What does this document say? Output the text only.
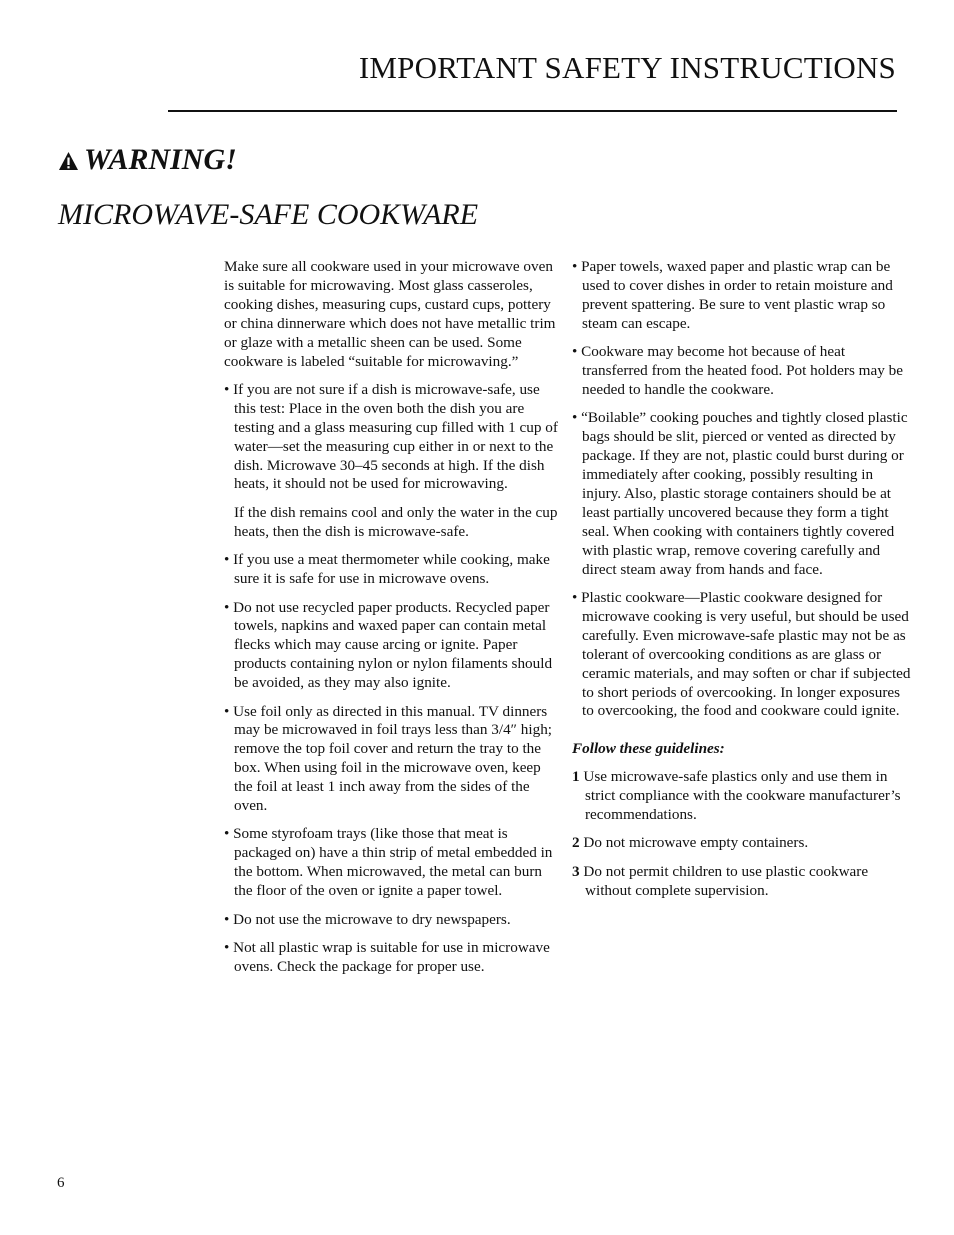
IMPORTANT SAFETY INSTRUCTIONS
WARNING!
MICROWAVE-SAFE COOKWARE

Make sure all cookware used in your microwave oven is suitable for microwaving. Most glass casseroles, cooking dishes, measuring cups, custard cups, pottery or china dinnerware which does not have metallic trim or glaze with a metallic sheen can be used. Some cookware is labeled “suitable for microwaving.”

• If you are not sure if a dish is microwave-safe, use this test: Place in the oven both the dish you are testing and a glass measuring cup filled with 1 cup of water—set the measuring cup either in or next to the dish. Microwave 30–45 seconds at high. If the dish heats, it should not be used for microwaving.

If the dish remains cool and only the water in the cup heats, then the dish is microwave-safe.

• If you use a meat thermometer while cooking, make sure it is safe for use in microwave ovens.

• Do not use recycled paper products. Recycled paper towels, napkins and waxed paper can contain metal flecks which may cause arcing or ignite. Paper products containing nylon or nylon filaments should be avoided, as they may also ignite.

• Use foil only as directed in this manual. TV dinners may be microwaved in foil trays less than 3/4″ high; remove the top foil cover and return the tray to the box. When using foil in the microwave oven, keep the foil at least 1 inch away from the sides of the oven.

• Some styrofoam trays (like those that meat is packaged on) have a thin strip of metal embedded in the bottom. When microwaved, the metal can burn the floor of the oven or ignite a paper towel.

• Do not use the microwave to dry newspapers.

• Not all plastic wrap is suitable for use in microwave ovens. Check the package for proper use.

• Paper towels, waxed paper and plastic wrap can be used to cover dishes in order to retain moisture and prevent spattering. Be sure to vent plastic wrap so steam can escape.

• Cookware may become hot because of heat transferred from the heated food. Pot holders may be needed to handle the cookware.

• “Boilable” cooking pouches and tightly closed plastic bags should be slit, pierced or vented as directed by package. If they are not, plastic could burst during or immediately after cooking, possibly resulting in injury. Also, plastic storage containers should be at least partially uncovered because they form a tight seal. When cooking with containers tightly covered with plastic wrap, remove covering carefully and direct steam away from hands and face.

• Plastic cookware—Plastic cookware designed for microwave cooking is very useful, but should be used carefully. Even microwave-safe plastic may not be as tolerant of overcooking conditions as are glass or ceramic materials, and may soften or char if subjected to short periods of overcooking. In longer exposures to overcooking, the food and cookware could ignite.

Follow these guidelines:

1 Use microwave-safe plastics only and use them in strict compliance with the cookware manufacturer’s recommendations.

2 Do not microwave empty containers.

3 Do not permit children to use plastic cookware without complete supervision.

6
